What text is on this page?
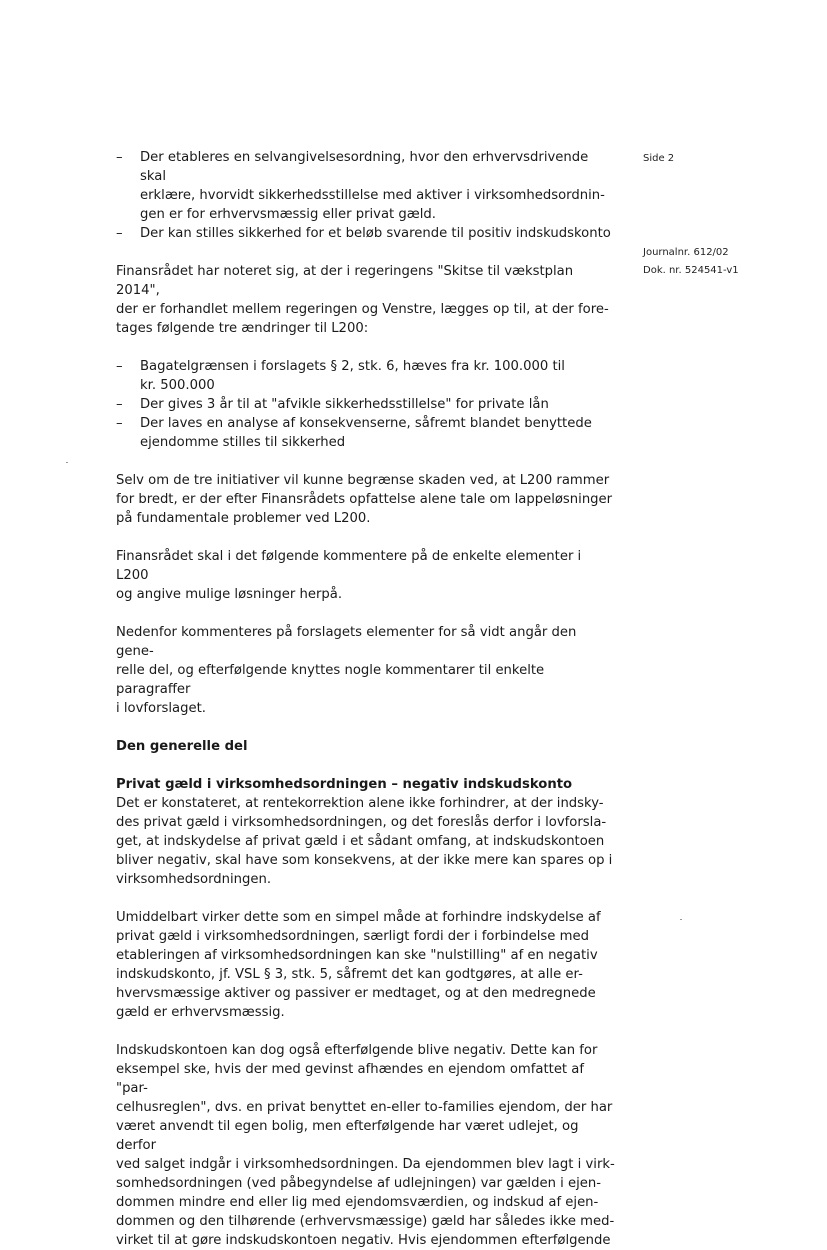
Side 2
Journalnr. 612/02
Dok. nr. 524541-v1
– Der etableres en selvangivelsesordning, hvor den erhvervsdrivende skal
erklære, hvorvidt sikkerhedsstillelse med aktiver i virksomhedsordnin-
gen er for erhvervsmæssig eller privat gæld.
– Der kan stilles sikkerhed for et beløb svarende til positiv indskudskonto

Finansrådet har noteret sig, at der i regeringens "Skitse til vækstplan 2014",
der er forhandlet mellem regeringen og Venstre, lægges op til, at der fore-
tages følgende tre ændringer til L200:

– Bagatelgrænsen i forslagets § 2, stk. 6, hæves fra kr. 100.000 til
kr. 500.000
– Der gives 3 år til at "afvikle sikkerhedsstillelse" for private lån
– Der laves en analyse af konsekvenserne, såfremt blandet benyttede
ejendomme stilles til sikkerhed

Selv om de tre initiativer vil kunne begrænse skaden ved, at L200 rammer
for bredt, er der efter Finansrådets opfattelse alene tale om lappeløsninger
på fundamentale problemer ved L200.

Finansrådet skal i det følgende kommentere på de enkelte elementer i L200
og angive mulige løsninger herpå.

Nedenfor kommenteres på forslagets elementer for så vidt angår den gene-
relle del, og efterfølgende knyttes nogle kommentarer til enkelte paragraffer
i lovforslaget.

Den generelle del

Privat gæld i virksomhedsordningen – negativ indskudskonto

Det er konstateret, at rentekorrektion alene ikke forhindrer, at der indsky-
des privat gæld i virksomhedsordningen, og det foreslås derfor i lovforsla-
get, at indskydelse af privat gæld i et sådant omfang, at indskudskontoen
bliver negativ, skal have som konsekvens, at der ikke mere kan spares op i
virksomhedsordningen.

Umiddelbart virker dette som en simpel måde at forhindre indskydelse af
privat gæld i virksomhedsordningen, særligt fordi der i forbindelse med
etableringen af virksomhedsordningen kan ske "nulstilling" af en negativ
indskudskonto, jf. VSL § 3, stk. 5, såfremt det kan godtgøres, at alle er-
hvervsmæssige aktiver og passiver er medtaget, og at den medregnede
gæld er erhvervsmæssig.

Indskudskontoen kan dog også efterfølgende blive negativ. Dette kan for
eksempel ske, hvis der med gevinst afhændes en ejendom omfattet af "par-
celhusreglen", dvs. en privat benyttet en-eller to-families ejendom, der har
været anvendt til egen bolig, men efterfølgende har været udlejet, og derfor
ved salget indgår i virksomhedsordningen. Da ejendommen blev lagt i virk-
somhedsordningen (ved påbegyndelse af udlejningen) var gælden i ejen-
dommen mindre end eller lig med ejendomsværdien, og indskud af ejen-
dommen og den tilhørende (erhvervsmæssige) gæld har således ikke med-
virket til at gøre indskudskontoen negativ. Hvis ejendommen efterfølgende
